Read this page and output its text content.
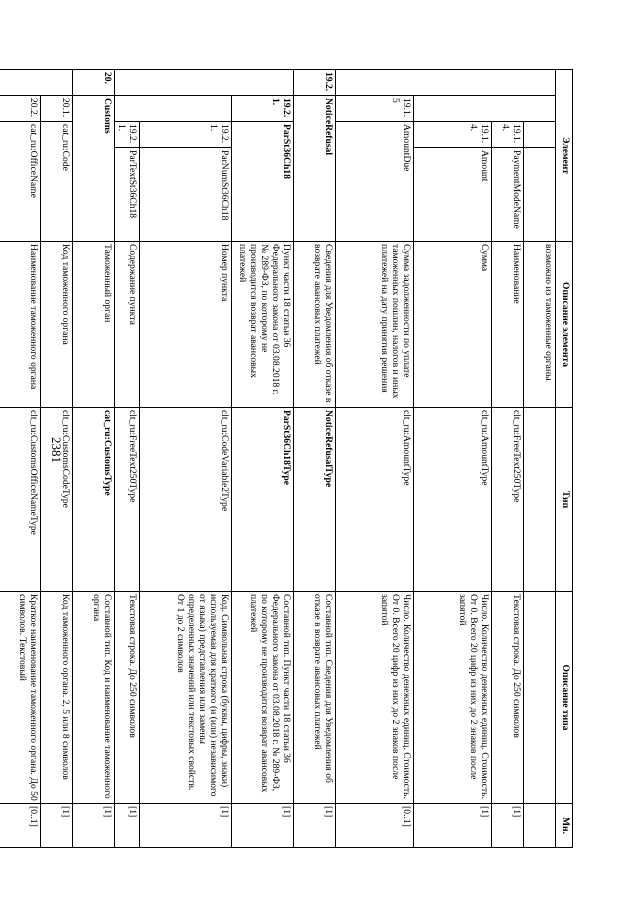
2381
Элемент				Описание элемента	Тип	Описание типа	Мн.
				возможно из таможенные органы			
		19.1.4.	PaymentModeName	Наименование	clt_ru:FreeText250Type	Текстовая строка. До 250 символов	[1]
		19.1.4.	Amount	Сумма	clt_ru:AmountType	Число. Количество денежных единиц. Стоимость. От 0. Всего 20 цифр из них до 2 знаков после запятой	[1]
	19.1.5	AmountDue		Сумма задолженности по уплате таможенных пошлин, налогов и иных платежей на дату принятия решения	clt_ru:AmountType	Число. Количество денежных единиц. Стоимость. От 0. Всего 20 цифр из них до 2 знаков после запятой	[0..1]
19.2.	NoticeRefusal			Сведения для Уведомления об отказе в возврате авансовых платежей	NoticeRefusalType	Составной тип. Сведения для Уведомления об отказе в возврате авансовых платежей	[1]
	19.2.1.	ParSt36Ch18		Пункт части 18 статьи 36 Федерального закона от 03.08.2018 г. № 289-ФЗ, по которому не производится возврат авансовых платежей	ParSt36Ch18Type	Составной тип. Пункт части 18 статьи 36 Федерального закона от 03.08.2018 г. № 289-ФЗ, по которому не производится возврат авансовых платежей	[1]
		19.2.1.	ParNumSt36Ch18	Номер пункта	clt_ru:CodeVariable2Type	Код. Символьная строка (буквы, цифры, знаки) используемая для краткого (и (или) независимого от языка) представления или замены определенных значений или текстовых свойств. От 1 до 2 символов	[1]
		19.2.1.	ParTextSt36Ch18	Содержание пункта	clt_ru:FreeText250Type	Текстовая строка. До 250 символов	[1]
20.	Customs			Таможенный орган	cat_ru:CustomsType	Составной тип. Код и наименование таможенного органа	[1]
	20.1.	cat_ru:Code		Код таможенного органа	clt_ru:CustomsCodeType	Код таможенного органа. 2, 5 или 8 символов	[1]
	20.2.	cat_ru:OfficeName		Наименование таможенного органа	clt_ru:CustomsOfficeNameType	Краткое наименование таможенного органа. До 50 символов. Текстовый	[0..1]
